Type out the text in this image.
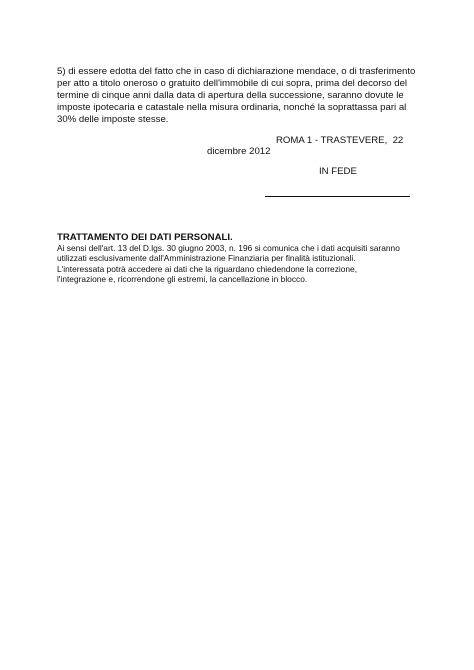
5) di essere edotta del fatto che in caso di dichiarazione mendace, o di trasferimento
per atto a titolo oneroso o gratuito dell'immobile di cui sopra, prima del decorso del
termine di cinque anni dalla data di apertura della successione, saranno dovute le
imposte ipotecaria e catastale nella misura ordinaria, nonché la soprattassa pari al
30% delle imposte stesse.
ROMA 1 - TRASTEVERE,  22
dicembre 2012
IN FEDE
TRATTAMENTO DEI DATI PERSONALI.
Ai sensi dell'art. 13 del D.lgs. 30 giugno 2003, n. 196 si comunica che i dati acquisiti saranno
utilizzati esclusivamente dall'Amministrazione Finanziaria per finalità istituzionali.
L'interessata potrà accedere ai dati che la riguardano chiedendone la correzione,
l'integrazione e, ricorrendone gli estremi, la cancellazione in blocco.
